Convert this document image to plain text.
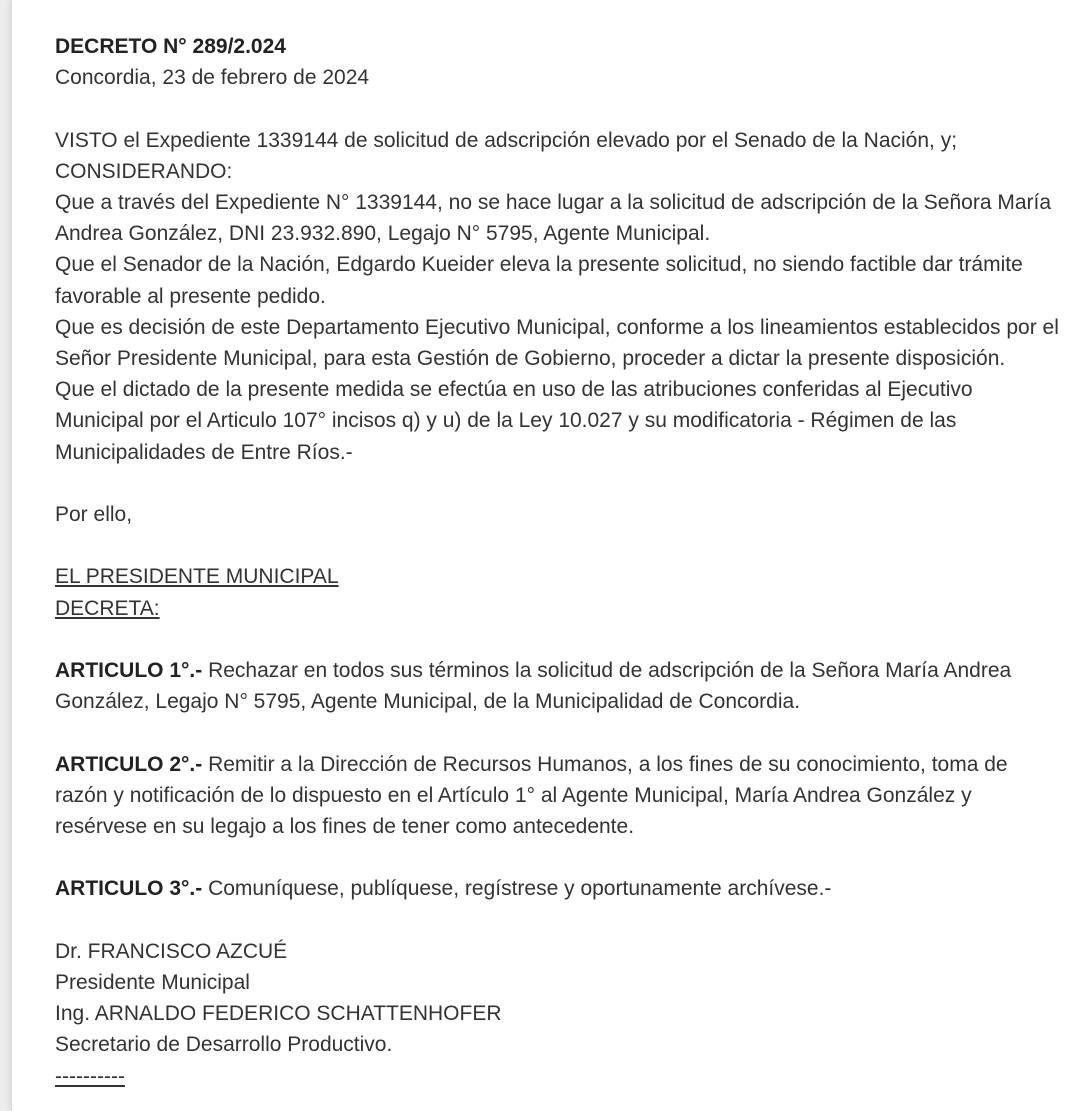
DECRETO N° 289/2.024
Concordia, 23 de febrero de 2024
VISTO el Expediente 1339144 de solicitud de adscripción elevado por el Senado de la Nación, y;
CONSIDERANDO:
Que a través del Expediente N° 1339144, no se hace lugar a la solicitud de adscripción de la Señora María Andrea González, DNI 23.932.890, Legajo N° 5795, Agente Municipal.
Que el Senador de la Nación, Edgardo Kueider eleva la presente solicitud, no siendo factible dar trámite favorable al presente pedido.
Que es decisión de este Departamento Ejecutivo Municipal, conforme a los lineamientos establecidos por el Señor Presidente Municipal, para esta Gestión de Gobierno, proceder a dictar la presente disposición.
Que el dictado de la presente medida se efectúa en uso de las atribuciones conferidas al Ejecutivo Municipal por el Articulo 107° incisos q) y u) de la Ley 10.027 y su modificatoria - Régimen de las Municipalidades de Entre Ríos.-
Por ello,
EL PRESIDENTE MUNICIPAL
DECRETA:
ARTICULO 1°.- Rechazar en todos sus términos la solicitud de adscripción de la Señora María Andrea González, Legajo N° 5795, Agente Municipal, de la Municipalidad de Concordia.
ARTICULO 2°.- Remitir a la Dirección de Recursos Humanos, a los fines de su conocimiento, toma de razón y notificación de lo dispuesto en el Artículo 1° al Agente Municipal, María Andrea González y resérvese en su legajo a los fines de tener como antecedente.
ARTICULO 3°.- Comuníquese, publíquese, regístrese y oportunamente archívese.-
Dr. FRANCISCO AZCUÉ
Presidente Municipal
Ing. ARNALDO FEDERICO SCHATTENHOFER
Secretario de Desarrollo Productivo.
----------
